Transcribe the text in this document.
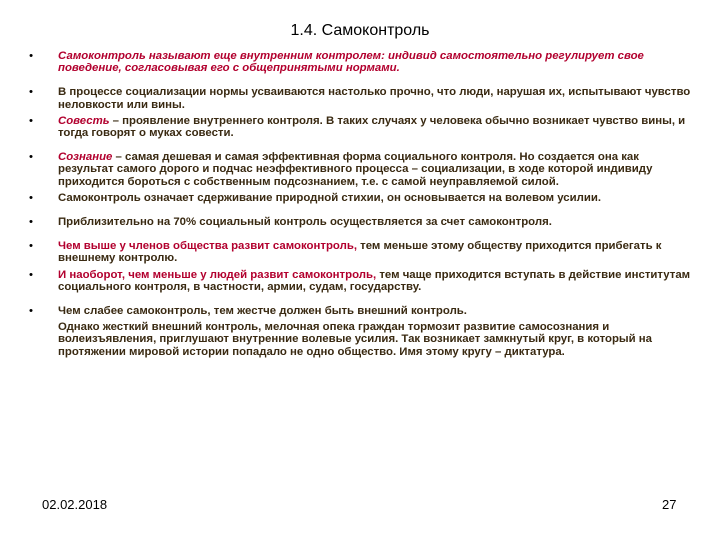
1.4. Самоконтроль
• Самоконтроль называют еще внутренним контролем: индивид самостоятельно регулирует свое поведение, согласовывая его с общепринятыми нормами.
• В процессе социализации нормы усваиваются настолько прочно, что люди, нарушая их, испытывают чувство неловкости или вины.
• Совесть – проявление внутреннего контроля. В таких случаях у человека обычно возникает чувство вины, и тогда говорят о муках совести.
• Сознание – самая дешевая и самая эффективная форма социального контроля. Но создается она как результат самого дорого и подчас неэффективного процесса – социализации, в ходе которой индивиду приходится бороться с собственным подсознанием, т.е. с самой неуправляемой силой.
• Самоконтроль означает сдерживание природной стихии, он основывается на волевом усилии.
• Приблизительно на 70% социальный контроль осуществляется за счет самоконтроля.
• Чем выше у членов общества развит самоконтроль, тем меньше этому обществу приходится прибегать к внешнему контролю.
• И наоборот, чем меньше у людей развит самоконтроль, тем чаще приходится вступать в действие институтам социального контроля, в частности, армии, судам, государству.
• Чем слабее самоконтроль, тем жестче должен быть внешний контроль.
Однако жесткий внешний контроль, мелочная опека граждан тормозит развитие самосознания и волеизъявления, приглушают внутренние волевые усилия. Так возникает замкнутый круг, в который на протяжении мировой истории попадало не одно общество. Имя этому кругу – диктатура.
02.02.2018	27
